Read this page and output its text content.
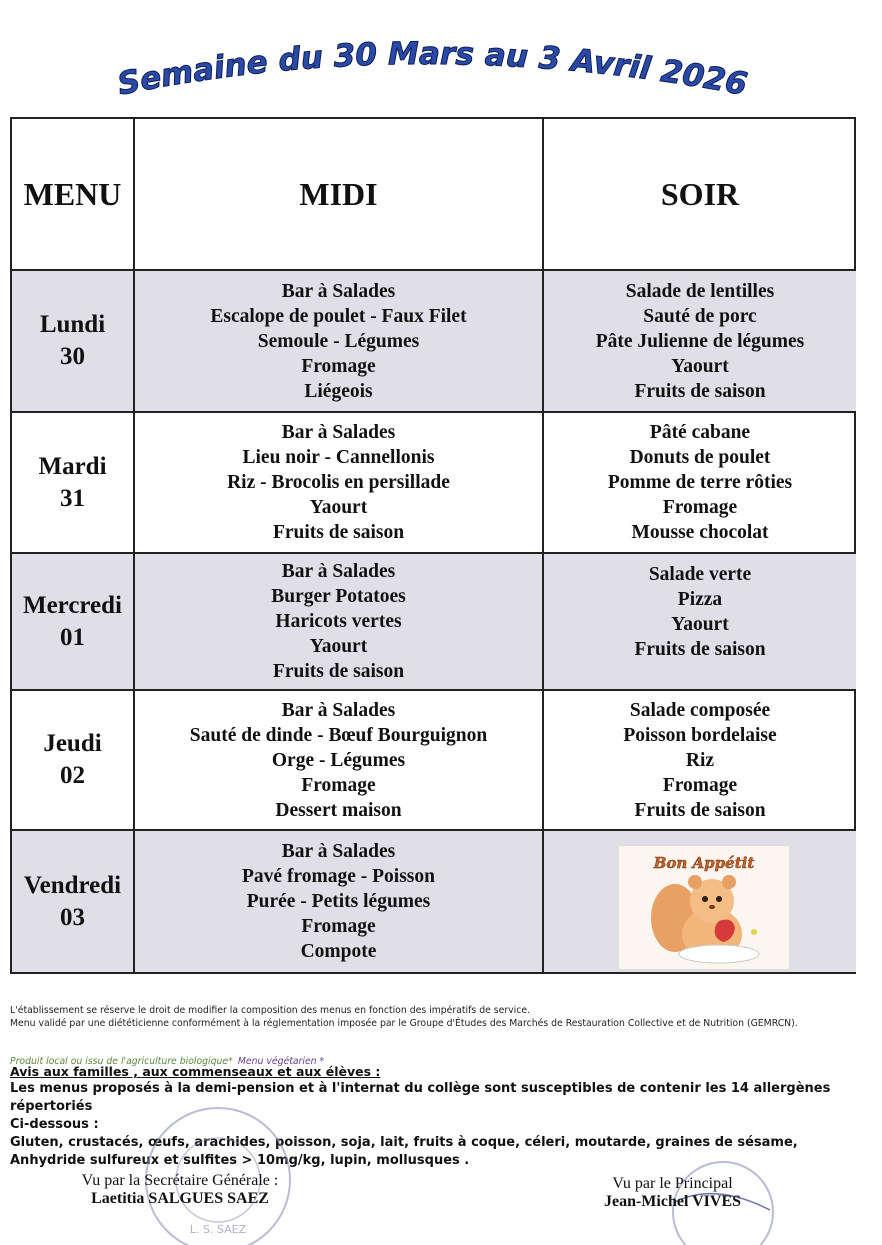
Semaine du 30 Mars au 3 Avril 2026
MENU	MIDI	SOIR
Lundi
30
Bar à Salades
Escalope de poulet - Faux Filet
Semoule - Légumes
Fromage
Liégeois
Salade de lentilles
Sauté de porc
Pâte Julienne de légumes
Yaourt
Fruits de saison
Mardi
31
Bar à Salades
Lieu noir - Cannellonis
Riz - Brocolis en persillade
Yaourt
Fruits de saison
Pâté cabane
Donuts de poulet
Pomme de terre rôties
Fromage
Mousse chocolat
Mercredi
01
Bar à Salades
Burger Potatoes
Haricots vertes
Yaourt
Fruits de saison
Salade verte
Pizza
Yaourt
Fruits de saison
Jeudi
02
Bar à Salades
Sauté de dinde - Bœuf Bourguignon
Orge - Légumes
Fromage
Dessert maison
Salade composée
Poisson bordelaise
Riz
Fromage
Fruits de saison
Vendredi
03
Bar à Salades
Pavé fromage - Poisson
Purée - Petits légumes
Fromage
Compote
Bon Appétit
L'établissement se réserve le droit de modifier la composition des menus en fonction des impératifs de service.
Menu validé par une diététicienne conformément à la réglementation imposée par le Groupe d'Études des Marchés de Restauration Collective et de Nutrition (GEMRCN).
Produit local ou issu de l'agriculture biologique* Menu végétarien *
Avis aux familles , aux commenseaux et aux élèves :
Les menus proposés à la demi-pension et à l'internat du collège sont susceptibles de contenir les 14 allergènes répertoriés
Ci-dessous :
Gluten, crustacés, œufs, arachides, poisson, soja, lait, fruits à coque, céleri, moutarde, graines de sésame,
Anhydride sulfureux et sulfites > 10mg/kg, lupin, mollusques .
L. S. SAEZ
Vu par la Secrétaire Générale :
Laetitia SALGUES SAEZ
Vu par le Principal
Jean-Michel VIVES
